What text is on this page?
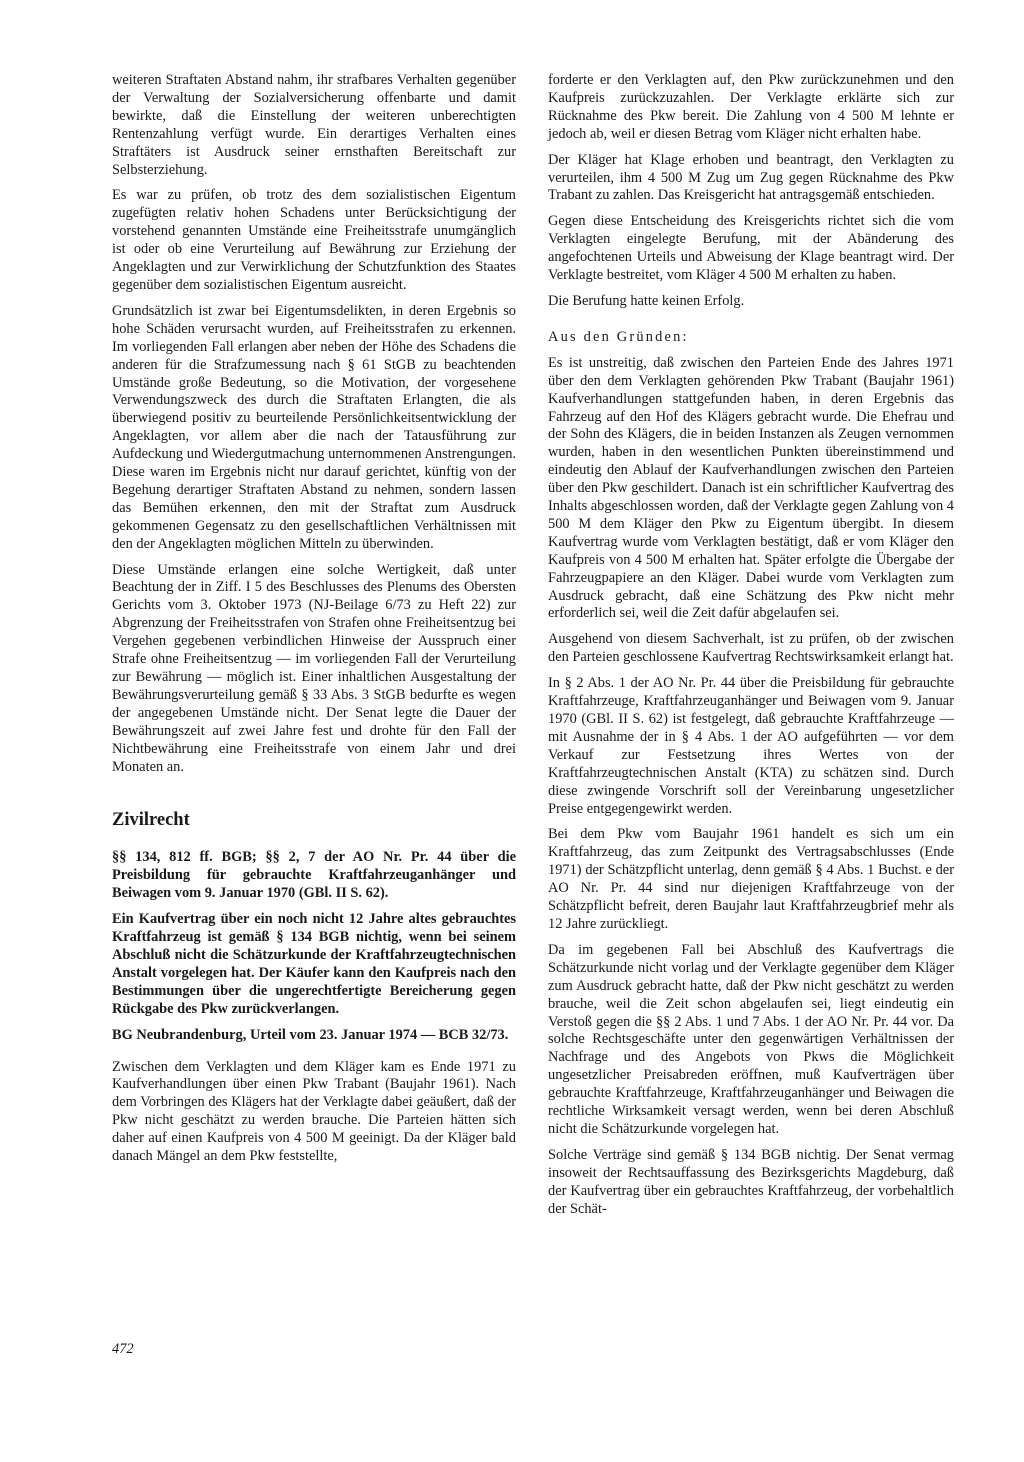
weiteren Straftaten Abstand nahm, ihr strafbares Verhalten gegenüber der Verwaltung der Sozialversicherung offenbarte und damit bewirkte, daß die Einstellung der weiteren unberechtigten Rentenzahlung verfügt wurde. Ein derartiges Verhalten eines Straftäters ist Ausdruck seiner ernsthaften Bereitschaft zur Selbsterziehung.

Es war zu prüfen, ob trotz des dem sozialistischen Eigentum zugefügten relativ hohen Schadens unter Berücksichtigung der vorstehend genannten Umstände eine Freiheitsstrafe unumgänglich ist oder ob eine Verurteilung auf Bewährung zur Erziehung der Angeklagten und zur Verwirklichung der Schutzfunktion des Staates gegenüber dem sozialistischen Eigentum ausreicht.

Grundsätzlich ist zwar bei Eigentumsdelikten, in deren Ergebnis so hohe Schäden verursacht wurden, auf Freiheitsstrafen zu erkennen. Im vorliegenden Fall erlangen aber neben der Höhe des Schadens die anderen für die Strafzumessung nach § 61 StGB zu beachtenden Umstände große Bedeutung, so die Motivation, der vorgesehene Verwendungszweck des durch die Straftaten Erlangten, die als überwiegend positiv zu beurteilende Persönlichkeitsentwicklung der Angeklagten, vor allem aber die nach der Tatausführung zur Aufdeckung und Wiedergutmachung unternommenen Anstrengungen. Diese waren im Ergebnis nicht nur darauf gerichtet, künftig von der Begehung derartiger Straftaten Abstand zu nehmen, sondern lassen das Bemühen erkennen, den mit der Straftat zum Ausdruck gekommenen Gegensatz zu den gesellschaftlichen Verhältnissen mit den der Angeklagten möglichen Mitteln zu überwinden.

Diese Umstände erlangen eine solche Wertigkeit, daß unter Beachtung der in Ziff. I 5 des Beschlusses des Plenums des Obersten Gerichts vom 3. Oktober 1973 (NJ-Beilage 6/73 zu Heft 22) zur Abgrenzung der Freiheitsstrafen von Strafen ohne Freiheitsentzug bei Vergehen gegebenen verbindlichen Hinweise der Ausspruch einer Strafe ohne Freiheitsentzug — im vorliegenden Fall der Verurteilung zur Bewährung — möglich ist. Einer inhaltlichen Ausgestaltung der Bewährungsverurteilung gemäß § 33 Abs. 3 StGB bedurfte es wegen der angegebenen Umstände nicht. Der Senat legte die Dauer der Bewährungszeit auf zwei Jahre fest und drohte für den Fall der Nichtbewährung eine Freiheitsstrafe von einem Jahr und drei Monaten an.

Zivilrecht

§§ 134, 812 ff. BGB; §§ 2, 7 der AO Nr. Pr. 44 über die Preisbildung für gebrauchte Kraftfahrzeuganhänger und Beiwagen vom 9. Januar 1970 (GBl. II S. 62).

Ein Kaufvertrag über ein noch nicht 12 Jahre altes gebrauchtes Kraftfahrzeug ist gemäß § 134 BGB nichtig, wenn bei seinem Abschluß nicht die Schätzurkunde der Kraftfahrzeugtechnischen Anstalt vorgelegen hat. Der Käufer kann den Kaufpreis nach den Bestimmungen über die ungerechtfertigte Bereicherung gegen Rückgabe des Pkw zurückverlangen.

BG Neubrandenburg, Urteil vom 23. Januar 1974 — BCB 32/73.

Zwischen dem Verklagten und dem Kläger kam es Ende 1971 zu Kaufverhandlungen über einen Pkw Trabant (Baujahr 1961). Nach dem Vorbringen des Klägers hat der Verklagte dabei geäußert, daß der Pkw nicht geschätzt zu werden brauche. Die Parteien hätten sich daher auf einen Kaufpreis von 4 500 M geeinigt. Da der Kläger bald danach Mängel an dem Pkw feststellte,

forderte er den Verklagten auf, den Pkw zurückzunehmen und den Kaufpreis zurückzuzahlen. Der Verklagte erklärte sich zur Rücknahme des Pkw bereit. Die Zahlung von 4 500 M lehnte er jedoch ab, weil er diesen Betrag vom Kläger nicht erhalten habe.

Der Kläger hat Klage erhoben und beantragt, den Verklagten zu verurteilen, ihm 4 500 M Zug um Zug gegen Rücknahme des Pkw Trabant zu zahlen. Das Kreisgericht hat antragsgemäß entschieden.

Gegen diese Entscheidung des Kreisgerichts richtet sich die vom Verklagten eingelegte Berufung, mit der Abänderung des angefochtenen Urteils und Abweisung der Klage beantragt wird. Der Verklagte bestreitet, vom Kläger 4 500 M erhalten zu haben.

Die Berufung hatte keinen Erfolg.

Aus den Gründen:

Es ist unstreitig, daß zwischen den Parteien Ende des Jahres 1971 über den dem Verklagten gehörenden Pkw Trabant (Baujahr 1961) Kaufverhandlungen stattgefunden haben, in deren Ergebnis das Fahrzeug auf den Hof des Klägers gebracht wurde. Die Ehefrau und der Sohn des Klägers, die in beiden Instanzen als Zeugen vernommen wurden, haben in den wesentlichen Punkten übereinstimmend und eindeutig den Ablauf der Kaufverhandlungen zwischen den Parteien über den Pkw geschildert. Danach ist ein schriftlicher Kaufvertrag des Inhalts abgeschlossen worden, daß der Verklagte gegen Zahlung von 4 500 M dem Kläger den Pkw zu Eigentum übergibt. In diesem Kaufvertrag wurde vom Verklagten bestätigt, daß er vom Kläger den Kaufpreis von 4 500 M erhalten hat. Später erfolgte die Übergabe der Fahrzeugpapiere an den Kläger. Dabei wurde vom Verklagten zum Ausdruck gebracht, daß eine Schätzung des Pkw nicht mehr erforderlich sei, weil die Zeit dafür abgelaufen sei.

Ausgehend von diesem Sachverhalt, ist zu prüfen, ob der zwischen den Parteien geschlossene Kaufvertrag Rechtswirksamkeit erlangt hat.

In § 2 Abs. 1 der AO Nr. Pr. 44 über die Preisbildung für gebrauchte Kraftfahrzeuge, Kraftfahrzeuganhänger und Beiwagen vom 9. Januar 1970 (GBl. II S. 62) ist festgelegt, daß gebrauchte Kraftfahrzeuge — mit Ausnahme der in § 4 Abs. 1 der AO aufgeführten — vor dem Verkauf zur Festsetzung ihres Wertes von der Kraftfahrzeugtechnischen Anstalt (KTA) zu schätzen sind. Durch diese zwingende Vorschrift soll der Vereinbarung ungesetzlicher Preise entgegengewirkt werden.

Bei dem Pkw vom Baujahr 1961 handelt es sich um ein Kraftfahrzeug, das zum Zeitpunkt des Vertragsabschlusses (Ende 1971) der Schätzpflicht unterlag, denn gemäß § 4 Abs. 1 Buchst. e der AO Nr. Pr. 44 sind nur diejenigen Kraftfahrzeuge von der Schätzpflicht befreit, deren Baujahr laut Kraftfahrzeugbrief mehr als 12 Jahre zurückliegt.

Da im gegebenen Fall bei Abschluß des Kaufvertrags die Schätzurkunde nicht vorlag und der Verklagte gegenüber dem Kläger zum Ausdruck gebracht hatte, daß der Pkw nicht geschätzt zu werden brauche, weil die Zeit schon abgelaufen sei, liegt eindeutig ein Verstoß gegen die §§ 2 Abs. 1 und 7 Abs. 1 der AO Nr. Pr. 44 vor. Da solche Rechtsgeschäfte unter den gegenwärtigen Verhältnissen der Nachfrage und des Angebots von Pkws die Möglichkeit ungesetzlicher Preisabreden eröffnen, muß Kaufverträgen über gebrauchte Kraftfahrzeuge, Kraftfahrzeuganhänger und Beiwagen die rechtliche Wirksamkeit versagt werden, wenn bei deren Abschluß nicht die Schätzurkunde vorgelegen hat.

Solche Verträge sind gemäß § 134 BGB nichtig. Der Senat vermag insoweit der Rechtsauffassung des Bezirksgerichts Magdeburg, daß der Kaufvertrag über ein gebrauchtes Kraftfahrzeug, der vorbehaltlich der Schät-

472
